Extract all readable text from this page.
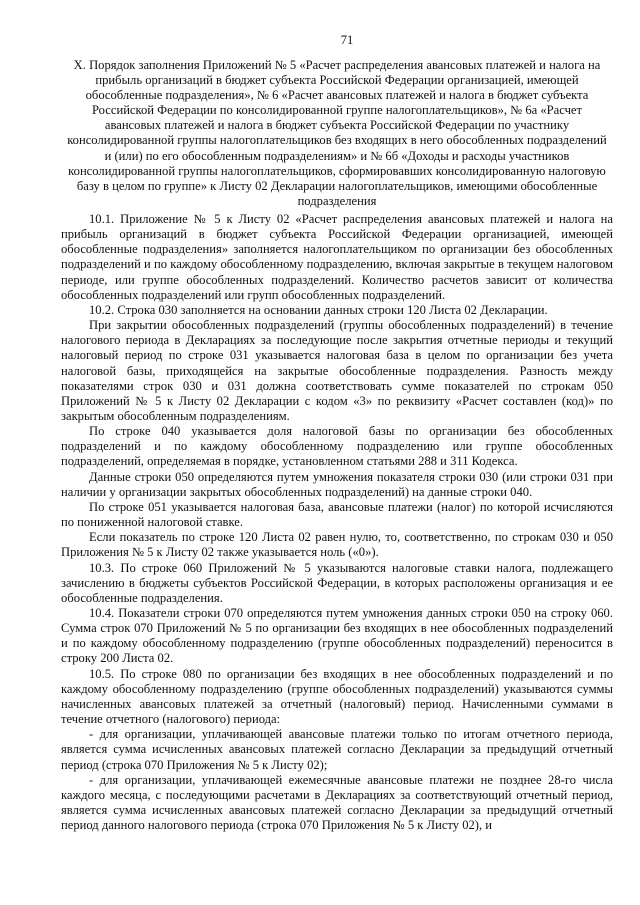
71
X. Порядок заполнения Приложений № 5 «Расчет распределения авансовых платежей и налога на прибыль организаций в бюджет субъекта Российской Федерации организацией, имеющей обособленные подразделения», № 6 «Расчет авансовых платежей и налога в бюджет субъекта Российской Федерации по консолидированной группе налогоплательщиков», № 6а «Расчет авансовых платежей и налога в бюджет субъекта Российской Федерации по участнику консолидированной группы налогоплательщиков без входящих в него обособленных подразделений и (или) по его обособленным подразделениям» и № 6б «Доходы и расходы участников консолидированной группы налогоплательщиков, сформировавших консолидированную налоговую базу в целом по группе» к Листу 02 Декларации налогоплательщиков, имеющими обособленные подразделения

10.1. Приложение № 5 к Листу 02 «Расчет распределения авансовых платежей и налога на прибыль организаций в бюджет субъекта Российской Федерации организацией, имеющей обособленные подразделения» заполняется налогоплательщиком по организации без обособленных подразделений и по каждому обособленному подразделению, включая закрытые в текущем налоговом периоде, или группе обособленных подразделений. Количество расчетов зависит от количества обособленных подразделений или групп обособленных подразделений.

10.2. Строка 030 заполняется на основании данных строки 120 Листа 02 Декларации.

При закрытии обособленных подразделений (группы обособленных подразделений) в течение налогового периода в Декларациях за последующие после закрытия отчетные периоды и текущий налоговый период по строке 031 указывается налоговая база в целом по организации без учета налоговой базы, приходящейся на закрытые обособленные подразделения. Разность между показателями строк 030 и 031 должна соответствовать сумме показателей по строкам 050 Приложений № 5 к Листу 02 Декларации с кодом «3» по реквизиту «Расчет составлен (код)» по закрытым обособленным подразделениям.

По строке 040 указывается доля налоговой базы по организации без обособленных подразделений и по каждому обособленному подразделению или группе обособленных подразделений, определяемая в порядке, установленном статьями 288 и 311 Кодекса.

Данные строки 050 определяются путем умножения показателя строки 030 (или строки 031 при наличии у организации закрытых обособленных подразделений) на данные строки 040.

По строке 051 указывается налоговая база, авансовые платежи (налог) по которой исчисляются по пониженной налоговой ставке.

Если показатель по строке 120 Листа 02 равен нулю, то, соответственно, по строкам 030 и 050 Приложения № 5 к Листу 02 также указывается ноль («0»).

10.3. По строке 060 Приложений № 5 указываются налоговые ставки налога, подлежащего зачислению в бюджеты субъектов Российской Федерации, в которых расположены организация и ее обособленные подразделения.

10.4. Показатели строки 070 определяются путем умножения данных строки 050 на строку 060. Сумма строк 070 Приложений № 5 по организации без входящих в нее обособленных подразделений и по каждому обособленному подразделению (группе обособленных подразделений) переносится в строку 200 Листа 02.

10.5. По строке 080 по организации без входящих в нее обособленных подразделений и по каждому обособленному подразделению (группе обособленных подразделений) указываются суммы начисленных авансовых платежей за отчетный (налоговый) период. Начисленными суммами в течение отчетного (налогового) периода:

- для организации, уплачивающей авансовые платежи только по итогам отчетного периода, является сумма исчисленных авансовых платежей согласно Декларации за предыдущий отчетный период (строка 070 Приложения № 5 к Листу 02);

- для организации, уплачивающей ежемесячные авансовые платежи не позднее 28-го числа каждого месяца, с последующими расчетами в Декларациях за соответствующий отчетный период, является сумма исчисленных авансовых платежей согласно Декларации за предыдущий отчетный период данного налогового периода (строка 070 Приложения № 5 к Листу 02), и
